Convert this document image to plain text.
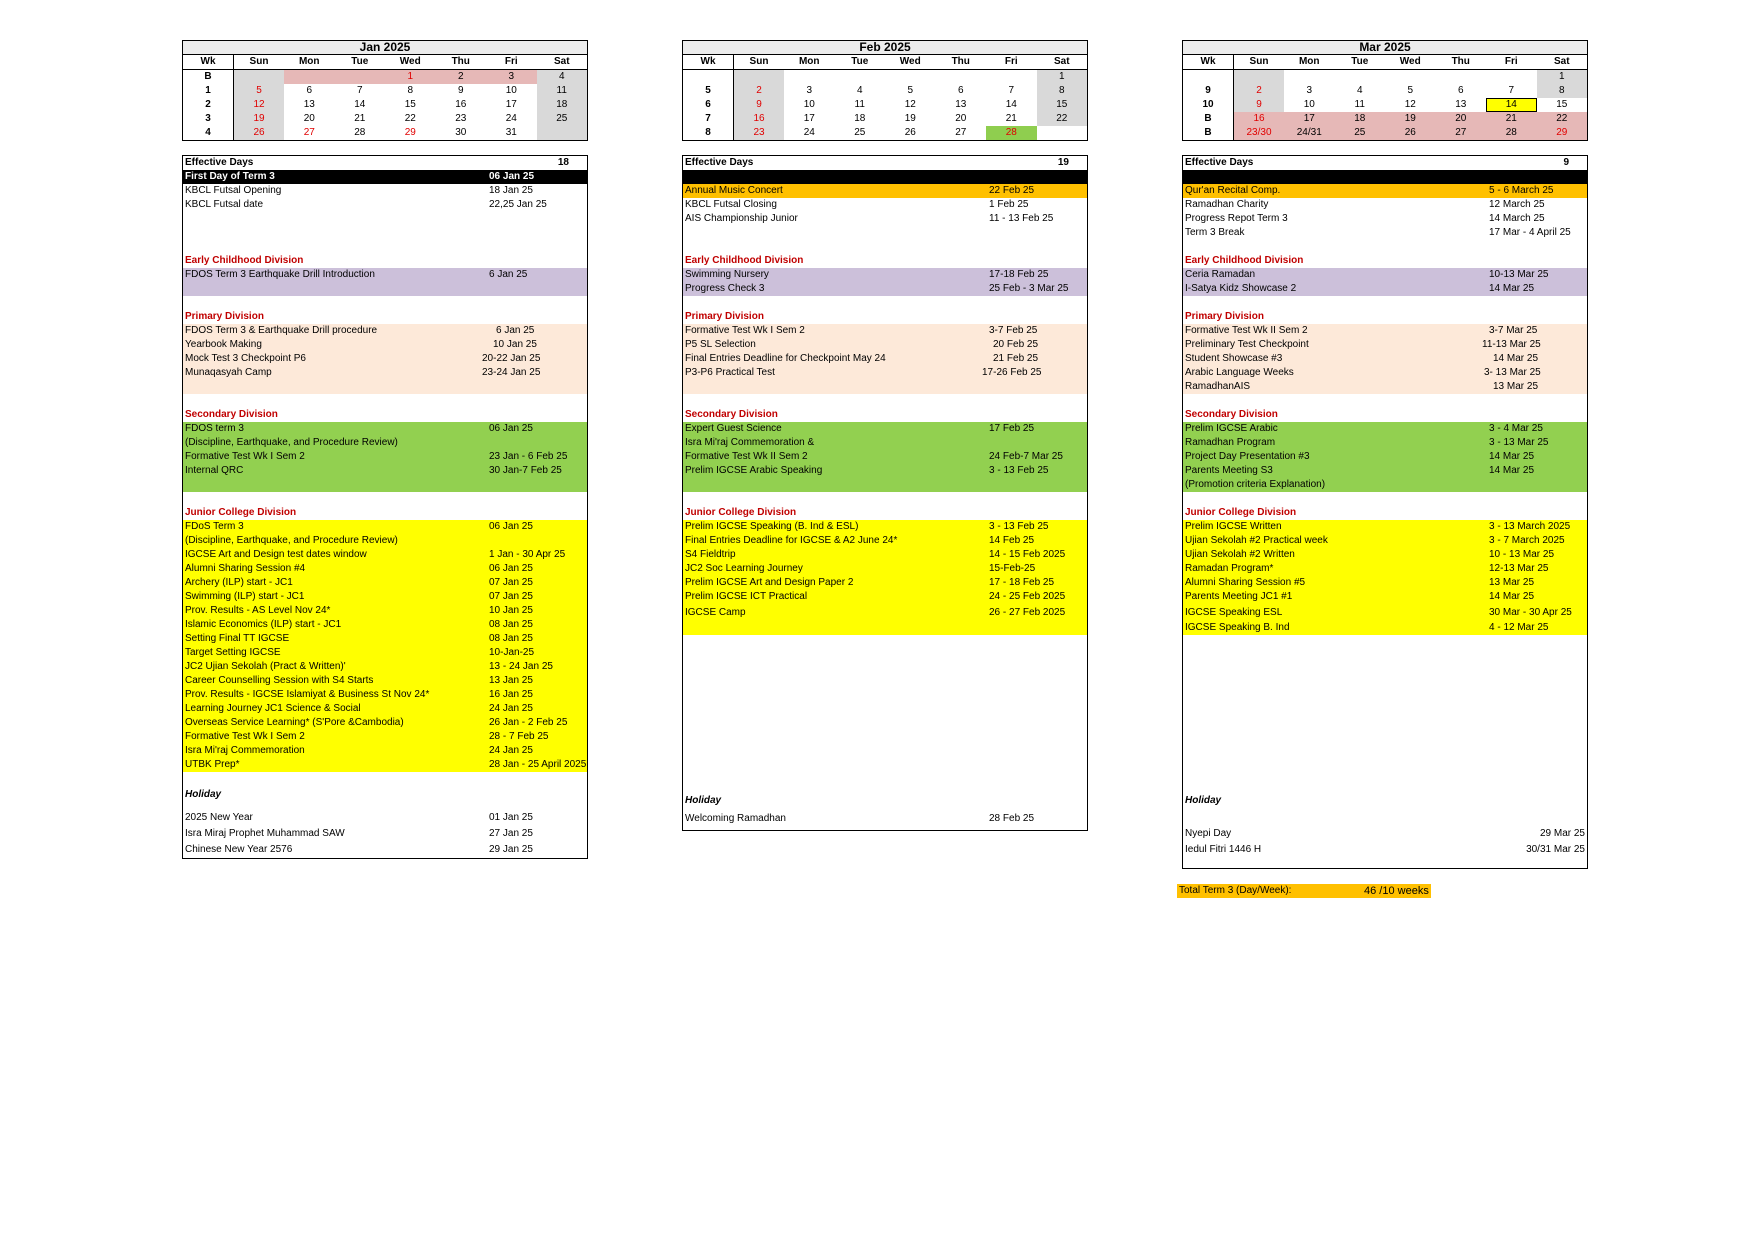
Jan 2025
Wk	Sun	Mon	Tue	Wed	Thu	Fri	Sat
B				1	2	3	4
1	5	6	7	8	9	10	11
2	12	13	14	15	16	17	18
3	19	20	21	22	23	24	25
4	26	27	28	29	30	31	
Effective Days	18
First Day of Term 3	06 Jan 25
KBCL Futsal Opening	18 Jan 25
KBCL Futsal date	22,25 Jan 25
Early Childhood Division
FDOS Term 3 Earthquake Drill Introduction	6 Jan 25
Primary Division
FDOS Term 3 & Earthquake Drill procedure	6 Jan 25
Yearbook Making	10 Jan 25
Mock Test 3 Checkpoint P6	20-22 Jan 25
Munaqasyah Camp	23-24 Jan 25
Secondary Division
FDOS term 3	06 Jan 25
(Discipline, Earthquake, and Procedure Review)
Formative Test Wk I Sem 2	23 Jan - 6 Feb 25
Internal QRC	30 Jan-7 Feb 25
Junior College Division
FDoS Term 3	06 Jan 25
(Discipline, Earthquake, and Procedure Review)
IGCSE Art and Design test dates window	1 Jan - 30 Apr 25
Alumni Sharing Session #4	06 Jan 25
Archery (ILP) start - JC1	07 Jan 25
Swimming (ILP) start - JC1	07 Jan 25
Prov. Results - AS Level Nov 24*	10 Jan 25
Islamic Economics (ILP) start - JC1	08 Jan 25
Setting Final TT IGCSE	08 Jan 25
Target Setting IGCSE	10-Jan-25
JC2 Ujian Sekolah (Pract & Written)'	13 - 24 Jan 25
Career Counselling Session with S4 Starts	13 Jan 25
Prov. Results - IGCSE Islamiyat & Business St Nov 24*	16 Jan 25
Learning Journey JC1 Science & Social	24 Jan 25
Overseas Service Learning* (S'Pore &Cambodia)	26 Jan - 2 Feb 25
Formative Test Wk I Sem 2	28 - 7 Feb 25
Isra Mi'raj Commemoration	24 Jan 25
UTBK Prep*	28 Jan - 25 April 2025
Holiday
2025 New Year	01 Jan 25
Isra Miraj Prophet Muhammad SAW	27 Jan 25
Chinese New Year 2576	29 Jan 25
Feb 2025
Wk	Sun	Mon	Tue	Wed	Thu	Fri	Sat
							1
5	2	3	4	5	6	7	8
6	9	10	11	12	13	14	15
7	16	17	18	19	20	21	22
8	23	24	25	26	27	28	
Effective Days	19
Annual Music Concert	22 Feb 25
KBCL Futsal Closing	1 Feb 25
AIS Championship Junior	11 - 13 Feb 25
Early Childhood Division
Swimming Nursery	17-18 Feb 25
Progress Check 3	25 Feb - 3 Mar 25
Primary Division
Formative Test Wk I Sem 2	3-7 Feb 25
P5 SL Selection	20 Feb 25
Final Entries Deadline for Checkpoint May 24	21 Feb 25
P3-P6 Practical Test	17-26 Feb 25
Secondary Division
Expert Guest Science	17 Feb 25
Isra Mi'raj Commemoration &
Formative Test Wk II Sem 2	24 Feb-7 Mar 25
Prelim IGCSE Arabic Speaking	3 - 13 Feb 25
Junior College Division
Prelim IGCSE Speaking (B. Ind & ESL)	3 - 13 Feb 25
Final Entries Deadline for IGCSE & A2 June 24*	14 Feb 25
S4 Fieldtrip	14 - 15 Feb 2025
JC2 Soc Learning Journey	15-Feb-25
Prelim IGCSE Art and Design Paper 2	17 - 18 Feb 25
Prelim IGCSE ICT Practical	24 - 25 Feb 2025
IGCSE Camp	26 - 27 Feb 2025
Holiday
Welcoming Ramadhan	28 Feb 25
Mar 2025
Wk	Sun	Mon	Tue	Wed	Thu	Fri	Sat
							1
9	2	3	4	5	6	7	8
10	9	10	11	12	13	14	15
B	16	17	18	19	20	21	22
B	23/30	24/31	25	26	27	28	29
Effective Days	9
Qur'an Recital Comp.	5 - 6 March 25
Ramadhan Charity	12 March 25
Progress Repot Term 3	14 March 25
Term 3 Break	17 Mar - 4 April 25
Early Childhood Division
Ceria Ramadan	10-13 Mar 25
I-Satya Kidz Showcase 2	14 Mar 25
Primary Division
Formative Test Wk II Sem 2	3-7 Mar 25
Preliminary Test Checkpoint	11-13 Mar 25
Student Showcase #3	14 Mar 25
Arabic Language Weeks	3- 13 Mar 25
RamadhanAIS	13 Mar 25
Secondary Division
Prelim IGCSE Arabic	3 - 4 Mar 25
Ramadhan Program	3 - 13 Mar 25
Project Day Presentation #3	14 Mar 25
Parents Meeting S3	14 Mar 25
(Promotion criteria Explanation)
Junior College Division
Prelim IGCSE Written	3 - 13 March 2025
Ujian Sekolah #2 Practical week	3 - 7 March 2025
Ujian Sekolah #2 Written	10 - 13 Mar 25
Ramadan Program*	12-13 Mar 25
Alumni Sharing Session #5	13 Mar 25
Parents Meeting JC1 #1	14 Mar 25
IGCSE Speaking ESL	30 Mar - 30 Apr 25
IGCSE Speaking B. Ind	4 - 12 Mar 25
Holiday
Nyepi Day	29 Mar 25
Iedul Fitri 1446 H	30/31 Mar 25
Total Term 3 (Day/Week):	46 /10 weeks
